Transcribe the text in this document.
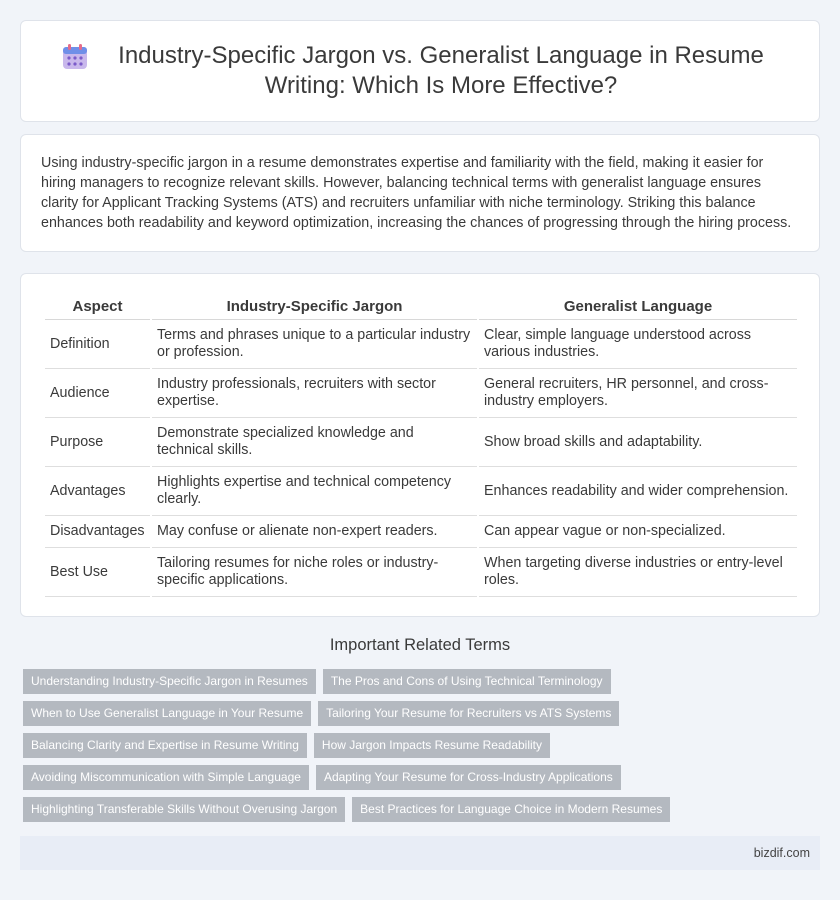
Industry-Specific Jargon vs. Generalist Language in Resume Writing: Which Is More Effective?

Using industry-specific jargon in a resume demonstrates expertise and familiarity with the field, making it easier for hiring managers to recognize relevant skills. However, balancing technical terms with generalist language ensures clarity for Applicant Tracking Systems (ATS) and recruiters unfamiliar with niche terminology. Striking this balance enhances both readability and keyword optimization, increasing the chances of progressing through the hiring process.

Aspect	Industry-Specific Jargon	Generalist Language
Definition	Terms and phrases unique to a particular industry or profession.	Clear, simple language understood across various industries.
Audience	Industry professionals, recruiters with sector expertise.	General recruiters, HR personnel, and cross-industry employers.
Purpose	Demonstrate specialized knowledge and technical skills.	Show broad skills and adaptability.
Advantages	Highlights expertise and technical competency clearly.	Enhances readability and wider comprehension.
Disadvantages	May confuse or alienate non-expert readers.	Can appear vague or non-specialized.
Best Use	Tailoring resumes for niche roles or industry-specific applications.	When targeting diverse industries or entry-level roles.
Important Related Terms
Understanding Industry-Specific Jargon in Resumes	The Pros and Cons of Using Technical Terminology
When to Use Generalist Language in Your Resume	Tailoring Your Resume for Recruiters vs ATS Systems
Balancing Clarity and Expertise in Resume Writing	How Jargon Impacts Resume Readability
Avoiding Miscommunication with Simple Language	Adapting Your Resume for Cross-Industry Applications
Highlighting Transferable Skills Without Overusing Jargon	Best Practices for Language Choice in Modern Resumes
bizdif.com
